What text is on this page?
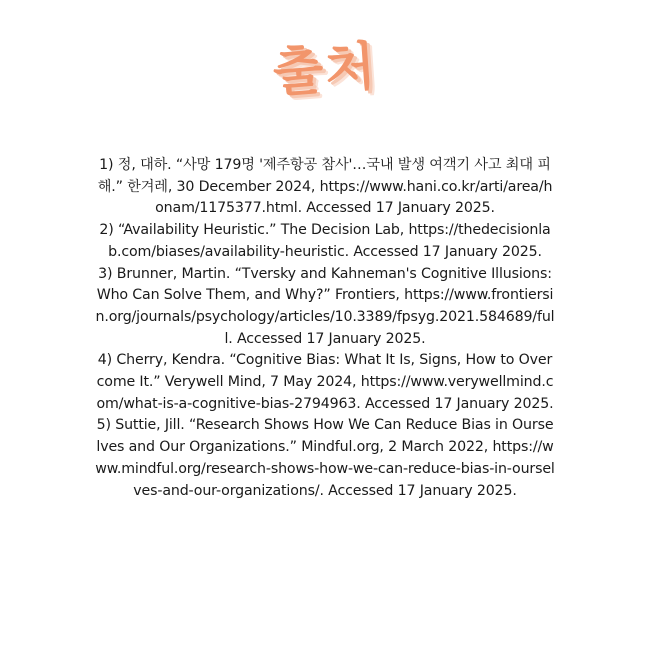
출처

1) 정, 대하. “사망 179명 '제주항공 참사'…국내 발생 여객기 사고 최대 피해.” 한겨레, 30 December 2024, https://www.hani.co.kr/arti/area/honam/1175377.html. Accessed 17 January 2025.

2) “Availability Heuristic.” The Decision Lab, https://thedecisionlab.com/biases/availability-heuristic. Accessed 17 January 2025.

3) Brunner, Martin. “Tversky and Kahneman's Cognitive Illusions: Who Can Solve Them, and Why?” Frontiers, https://www.frontiersin.org/journals/psychology/articles/10.3389/fpsyg.2021.584689/full. Accessed 17 January 2025.

4) Cherry, Kendra. “Cognitive Bias: What It Is, Signs, How to Overcome It.” Verywell Mind, 7 May 2024, https://www.verywellmind.com/what-is-a-cognitive-bias-2794963. Accessed 17 January 2025.

5) Suttie, Jill. “Research Shows How We Can Reduce Bias in Ourselves and Our Organizations.” Mindful.org, 2 March 2022, https://www.mindful.org/research-shows-how-we-can-reduce-bias-in-ourselves-and-our-organizations/. Accessed 17 January 2025.
